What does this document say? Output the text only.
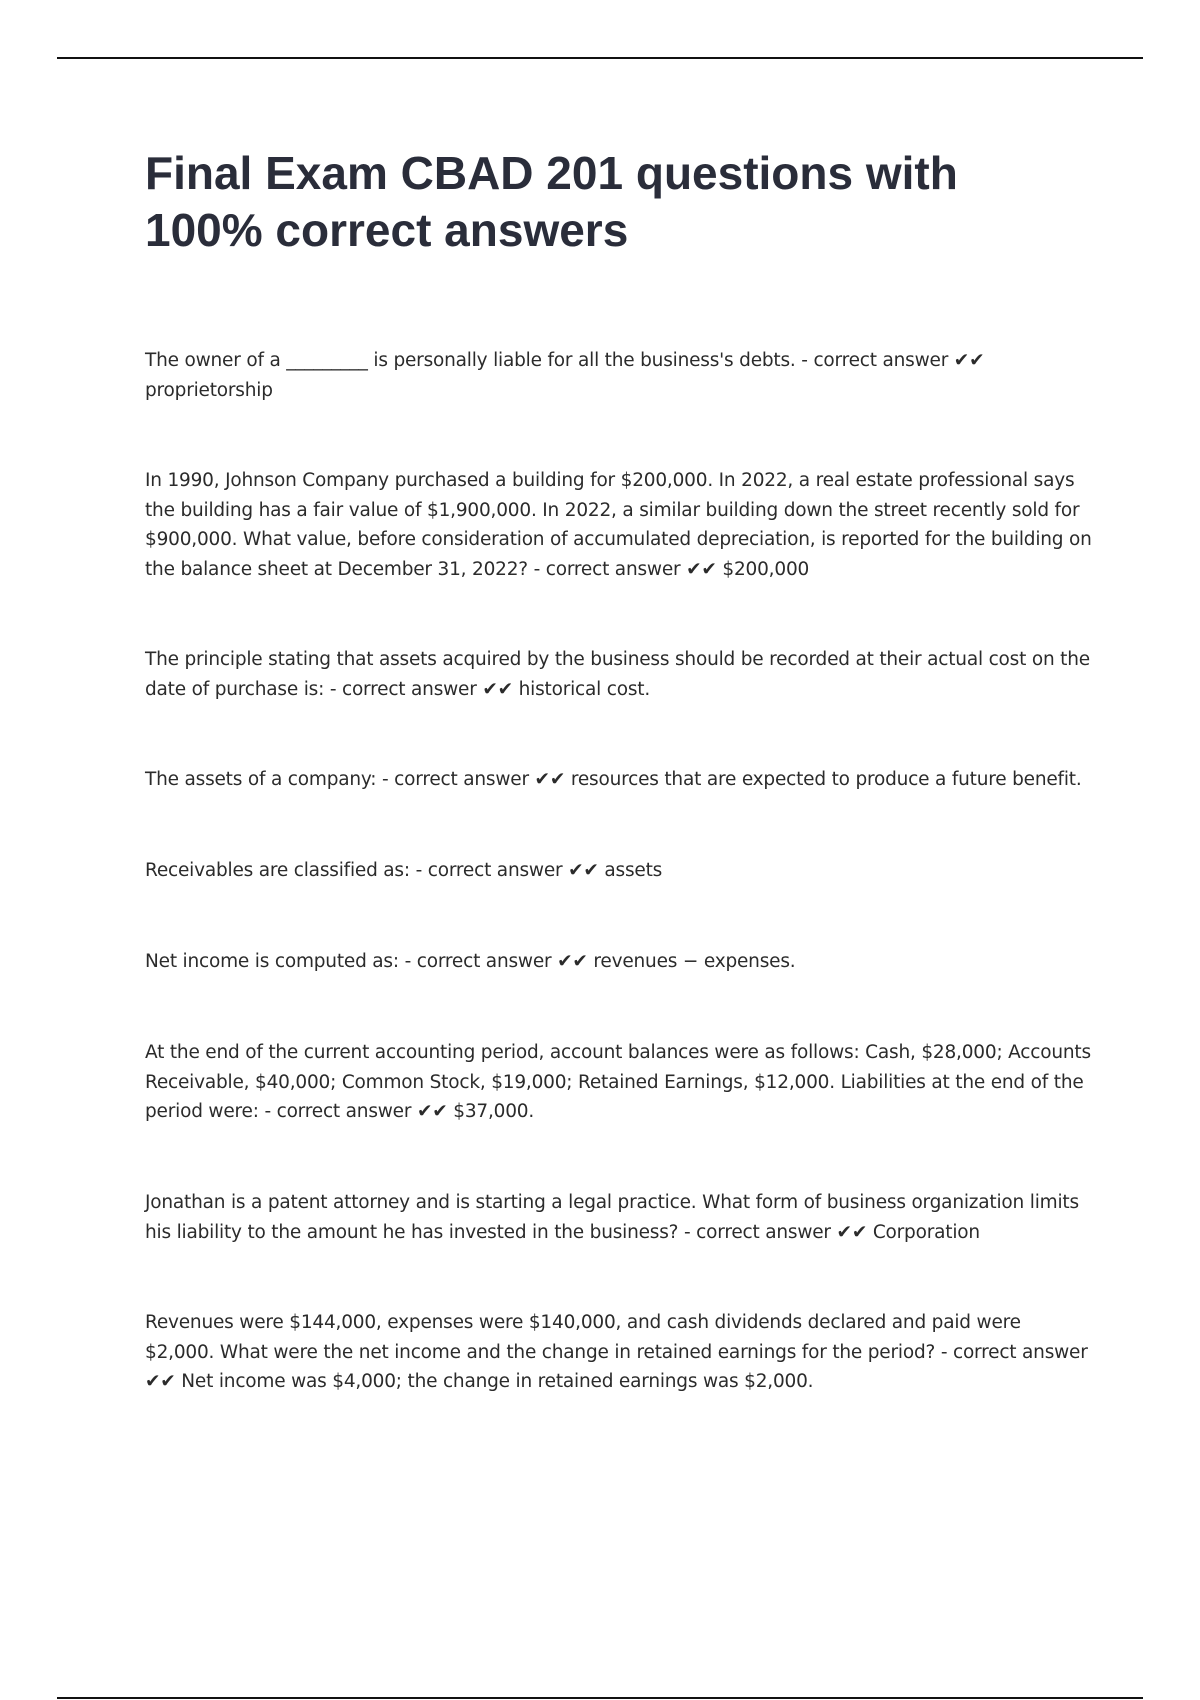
Final Exam CBAD 201 questions with 100% correct answers

The owner of a _________ is personally liable for all the business's debts. - correct answer ✔✔ proprietorship

In 1990, Johnson Company purchased a building for $200,000. In 2022, a real estate professional says the building has a fair value of $1,900,000. In 2022, a similar building down the street recently sold for $900,000. What value, before consideration of accumulated depreciation, is reported for the building on the balance sheet at December 31, 2022? - correct answer ✔✔ $200,000

The principle stating that assets acquired by the business should be recorded at their actual cost on the date of purchase is: - correct answer ✔✔ historical cost.

The assets of a company: - correct answer ✔✔ resources that are expected to produce a future benefit.

Receivables are classified as: - correct answer ✔✔ assets

Net income is computed as: - correct answer ✔✔ revenues − expenses.

At the end of the current accounting period, account balances were as follows: Cash, $28,000; Accounts Receivable, $40,000; Common Stock, $19,000; Retained Earnings, $12,000. Liabilities at the end of the period were: - correct answer ✔✔ $37,000.

Jonathan is a patent attorney and is starting a legal practice. What form of business organization limits his liability to the amount he has invested in the business? - correct answer ✔✔ Corporation

Revenues were $144,000, expenses were $140,000, and cash dividends declared and paid were $2,000. What were the net income and the change in retained earnings for the period? - correct answer ✔✔ Net income was $4,000; the change in retained earnings was $2,000.
